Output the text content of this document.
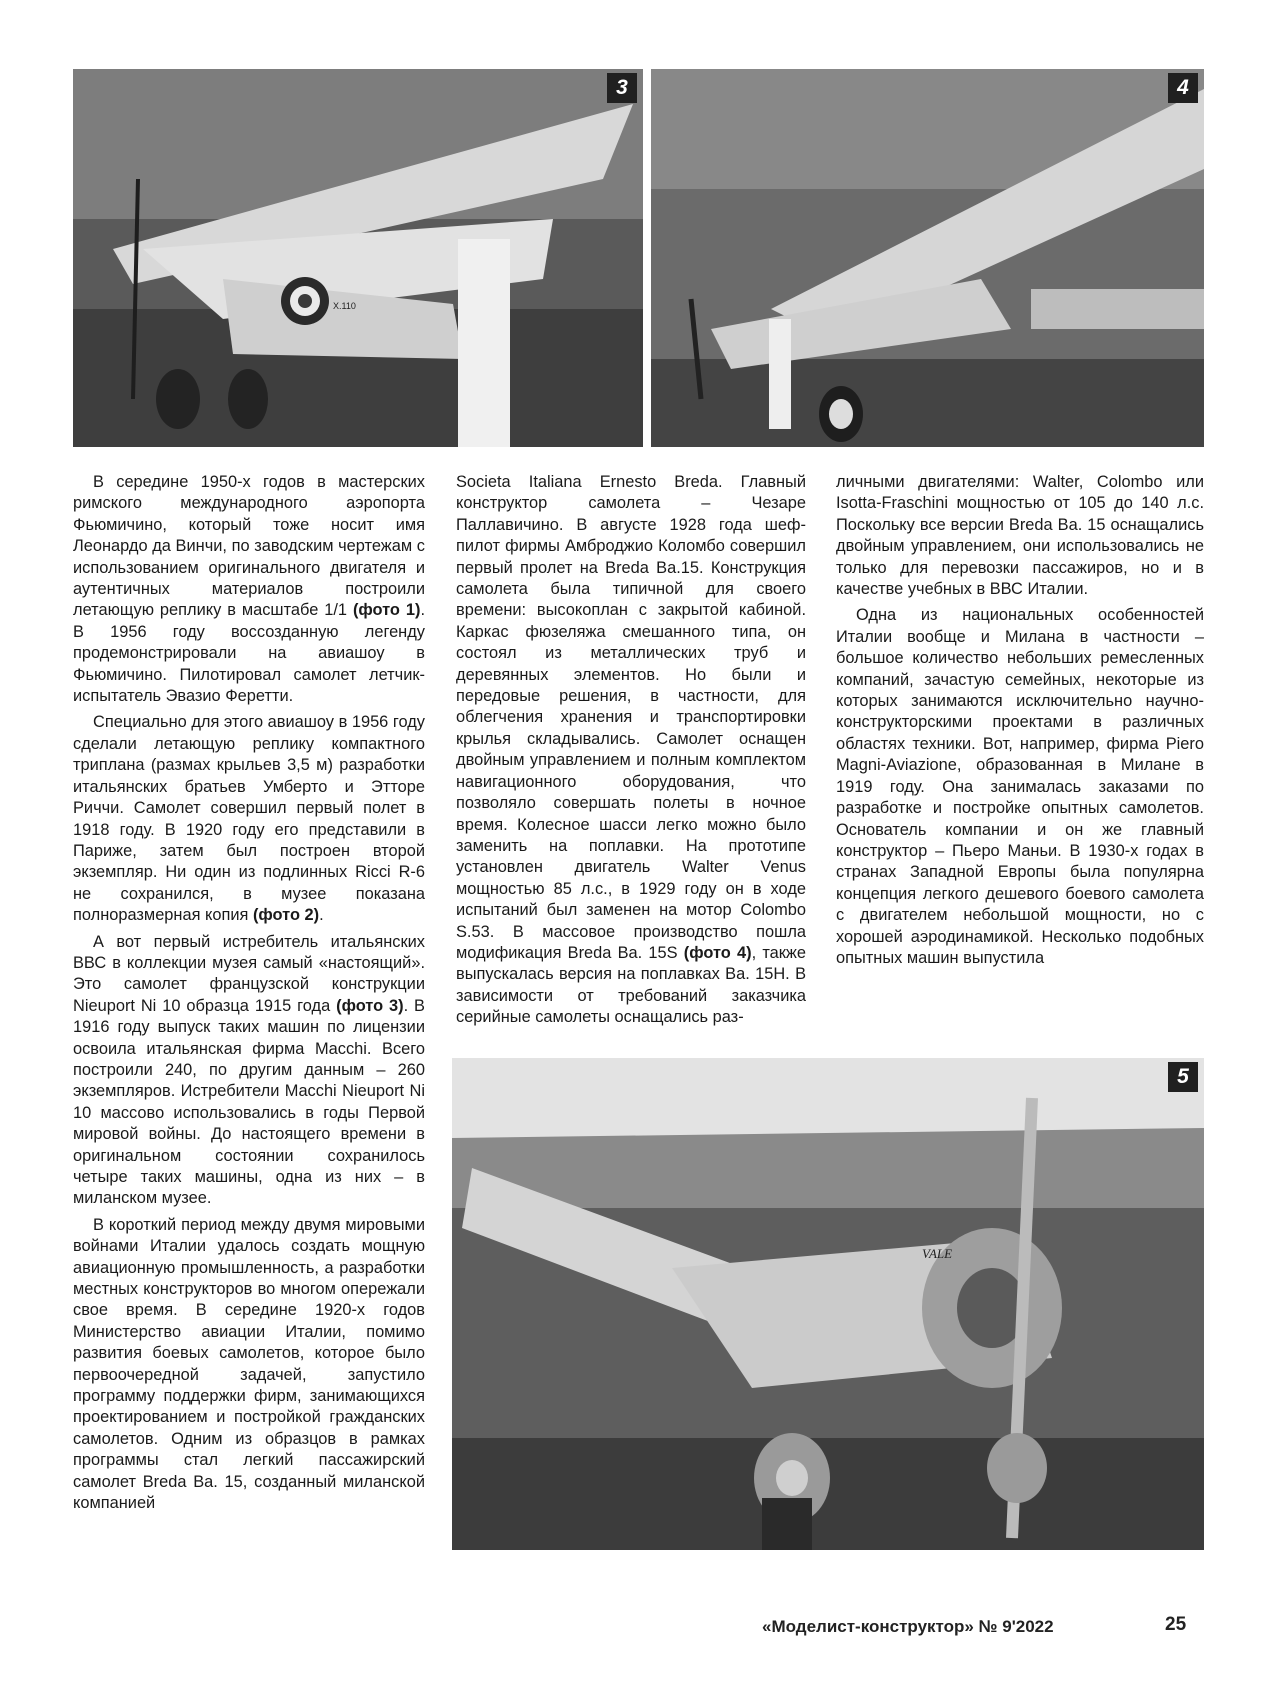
X.110
3	4
VALE
5

В середине 1950-х годов в мастерских римского международного аэропорта Фьюмичино, который тоже носит имя Леонардо да Винчи, по заводским чертежам с использованием оригинального двигателя и аутентичных материалов построили летающую реплику в масштабе 1/1 (фото 1). В 1956 году воссозданную легенду продемонстрировали на авиашоу в Фьюмичино. Пилотировал самолет летчик-испытатель Эвазио Феретти.

Специально для этого авиашоу в 1956 году сделали летающую реплику компактного триплана (размах крыльев 3,5 м) разработки итальянских братьев Умберто и Этторе Риччи. Самолет совершил первый полет в 1918 году. В 1920 году его представили в Париже, затем был построен второй экземпляр. Ни один из подлинных Ricci R-6 не сохранился, в музее показана полноразмерная копия (фото 2).

А вот первый истребитель итальянских ВВС в коллекции музея самый «настоящий». Это самолет французской конструкции Nieuport Ni 10 образца 1915 года (фото 3). В 1916 году выпуск таких машин по лицензии освоила итальянская фирма Macchi. Всего построили 240, по другим данным – 260 экземпляров. Истребители Macchi Nieuport Ni 10 массово использовались в годы Первой мировой войны. До настоящего времени в оригинальном состоянии сохранилось четыре таких машины, одна из них – в миланском музее.

В короткий период между двумя мировыми войнами Италии удалось создать мощную авиационную промышленность, а разработки местных конструкторов во многом опережали свое время. В середине 1920-х годов Министерство авиации Италии, помимо развития боевых самолетов, которое было первоочередной задачей, запустило программу поддержки фирм, занимающихся проектированием и постройкой гражданских самолетов. Одним из образцов в рамках программы стал легкий пассажирский самолет Breda Ba. 15, созданный миланской компанией

Societa Italiana Ernesto Breda. Главный конструктор самолета – Чезаре Паллавичино. В августе 1928 года шеф-пилот фирмы Амброджио Коломбо совершил первый пролет на Breda Ba.15. Конструкция самолета была типичной для своего времени: высокоплан с закрытой кабиной. Каркас фюзеляжа смешанного типа, он состоял из металлических труб и деревянных элементов. Но были и передовые решения, в частности, для облегчения хранения и транспортировки крылья складывались. Самолет оснащен двойным управлением и полным комплектом навигационного оборудования, что позволяло совершать полеты в ночное время. Колесное шасси легко можно было заменить на поплавки. На прототипе установлен двигатель Walter Venus мощностью 85 л.с., в 1929 году он в ходе испытаний был заменен на мотор Colombo S.53. В массовое производство пошла модификация Breda Ba. 15S (фото 4), также выпускалась версия на поплавках Ва. 15Н. В зависимости от требований заказчика серийные самолеты оснащались раз-

личными двигателями: Walter, Colombo или Isotta-Fraschini мощностью от 105 до 140 л.с. Поскольку все версии Breda Ва. 15 оснащались двойным управлением, они использовались не только для перевозки пассажиров, но и в качестве учебных в ВВС Италии.

Одна из национальных особенностей Италии вообще и Милана в частности – большое количество небольших ремесленных компаний, зачастую семейных, некоторые из которых занимаются исключительно научно-конструкторскими проектами в различных областях техники. Вот, например, фирма Piero Magni-Aviazione, образованная в Милане в 1919 году. Она занималась заказами по разработке и постройке опытных самолетов. Основатель компании и он же главный конструктор – Пьеро Маньи. В 1930-х годах в странах Западной Европы была популярна концепция легкого дешевого боевого самолета с двигателем небольшой мощности, но с хорошей аэродинамикой. Несколько подобных опытных машин выпустила

«Моделист-конструктор» № 9'2022	25
